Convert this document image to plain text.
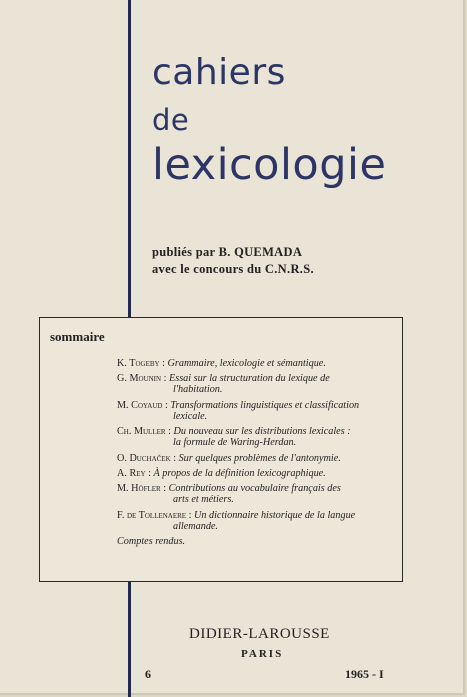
cahiers
de
lexicologie
publiés par B. QUEMADA
avec le concours du C.N.R.S.
sommaire
K. Togeby : Grammaire, lexicologie et sémantique.
G. Mounin : Essai sur la structuration du lexique de
l'habitation.
M. Coyaud : Transformations linguistiques et classification
lexicale.
Ch. Muller : Du nouveau sur les distributions lexicales :
la formule de Waring-Herdan.
O. Duchaček : Sur quelques problèmes de l'antonymie.
A. Rey : À propos de la définition lexicographique.
M. Höfler : Contributions au vocabulaire français des
arts et métiers.
F. de Tollenaere : Un dictionnaire historique de la langue
allemande.
Comptes rendus.
DIDIER-LAROUSSE
PARIS
6	1965 - I
